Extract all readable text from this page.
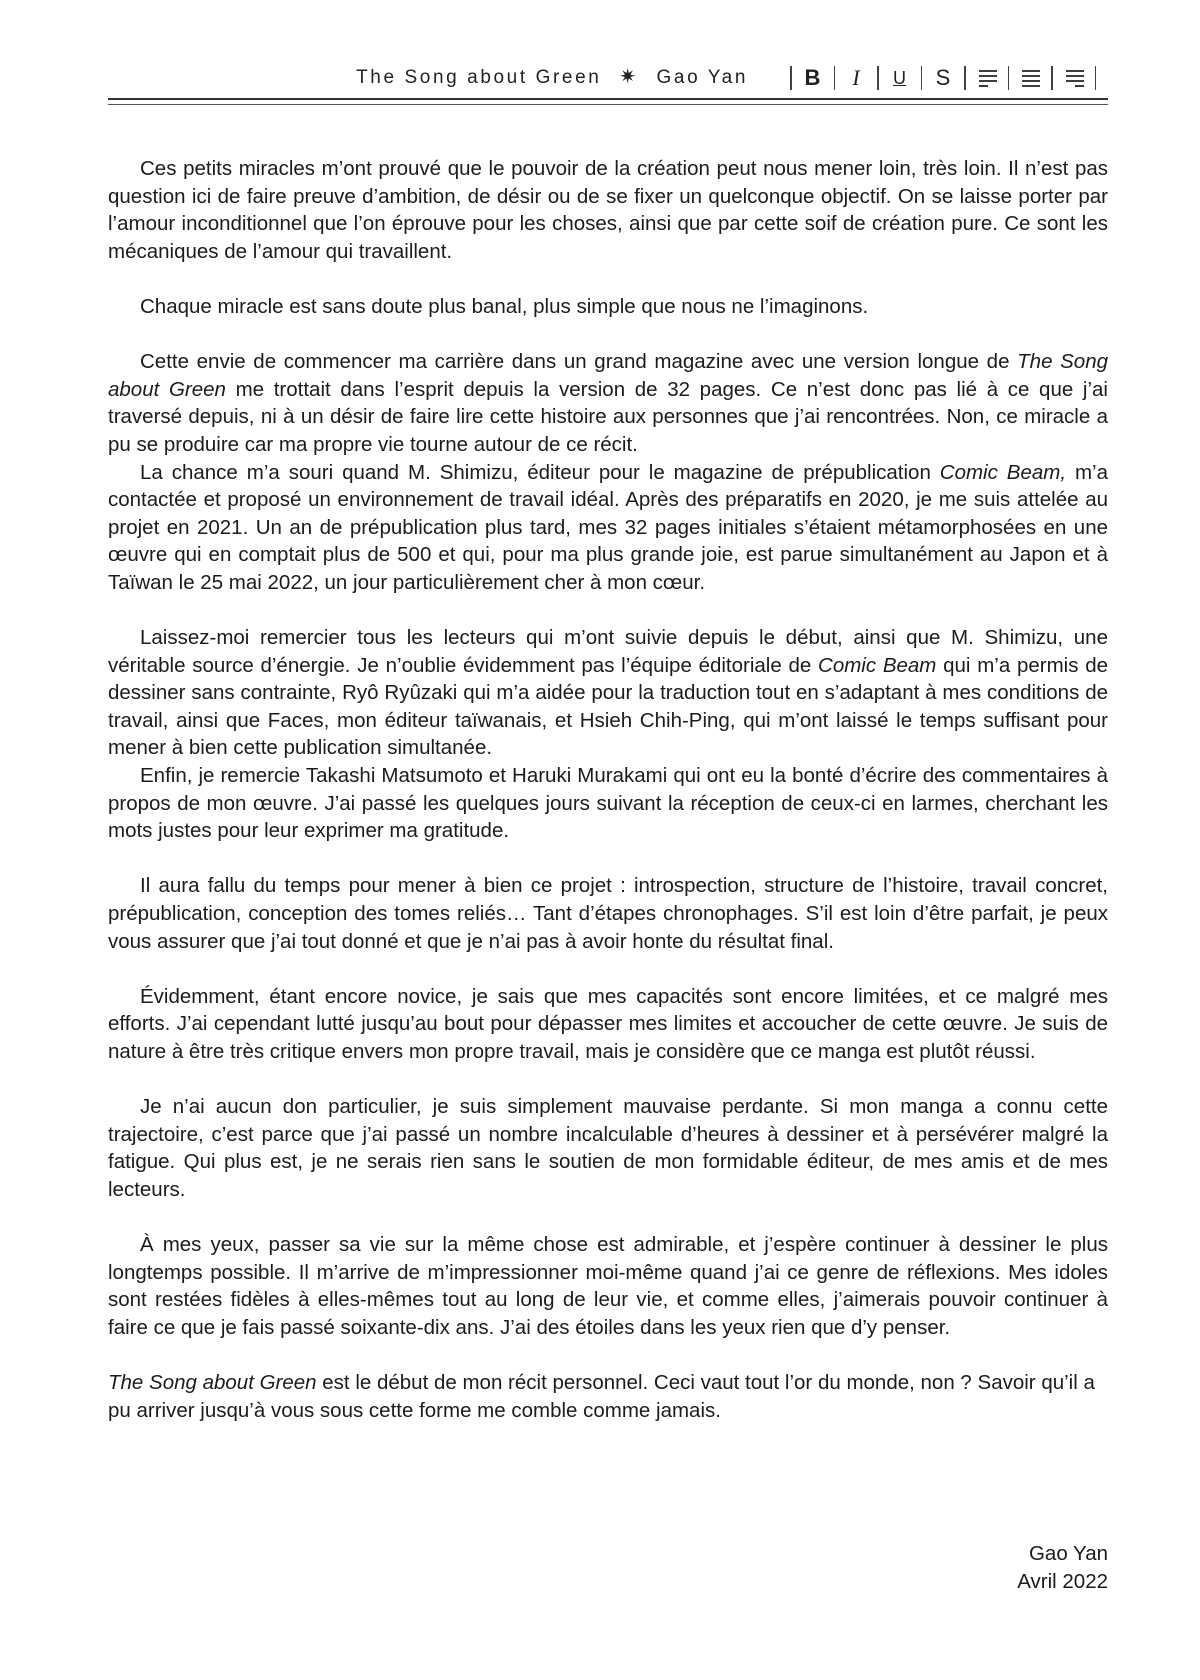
The Song about Green ✷ Gao Yan	B I U S

Ces petits miracles m’ont prouvé que le pouvoir de la création peut nous mener loin, très loin. Il n’est pas question ici de faire preuve d’ambition, de désir ou de se fixer un quelconque objectif. On se laisse porter par l’amour inconditionnel que l’on éprouve pour les choses, ainsi que par cette soif de création pure. Ce sont les mécaniques de l’amour qui travaillent.

Chaque miracle est sans doute plus banal, plus simple que nous ne l’imaginons.

Cette envie de commencer ma carrière dans un grand magazine avec une version longue de The Song about Green me trottait dans l’esprit depuis la version de 32 pages. Ce n’est donc pas lié à ce que j’ai traversé depuis, ni à un désir de faire lire cette histoire aux personnes que j’ai rencontrées. Non, ce miracle a pu se produire car ma propre vie tourne autour de ce récit.

La chance m’a souri quand M. Shimizu, éditeur pour le magazine de prépublication Comic Beam, m’a contactée et proposé un environnement de travail idéal. Après des préparatifs en 2020, je me suis attelée au projet en 2021. Un an de prépublication plus tard, mes 32 pages initiales s’étaient métamorphosées en une œuvre qui en comptait plus de 500 et qui, pour ma plus grande joie, est parue simultanément au Japon et à Taïwan le 25 mai 2022, un jour particulièrement cher à mon cœur.

Laissez-moi remercier tous les lecteurs qui m’ont suivie depuis le début, ainsi que M. Shimizu, une véritable source d’énergie. Je n’oublie évidemment pas l’équipe éditoriale de Comic Beam qui m’a permis de dessiner sans contrainte, Ryô Ryûzaki qui m’a aidée pour la traduction tout en s’adaptant à mes conditions de travail, ainsi que Faces, mon éditeur taïwanais, et Hsieh Chih-Ping, qui m’ont laissé le temps suffisant pour mener à bien cette publication simultanée.

Enfin, je remercie Takashi Matsumoto et Haruki Murakami qui ont eu la bonté d’écrire des commentaires à propos de mon œuvre. J’ai passé les quelques jours suivant la réception de ceux-ci en larmes, cherchant les mots justes pour leur exprimer ma gratitude.

Il aura fallu du temps pour mener à bien ce projet : introspection, structure de l’histoire, travail concret, prépublication, conception des tomes reliés… Tant d’étapes chronophages. S’il est loin d’être parfait, je peux vous assurer que j’ai tout donné et que je n’ai pas à avoir honte du résultat final.

Évidemment, étant encore novice, je sais que mes capacités sont encore limitées, et ce malgré mes efforts. J’ai cependant lutté jusqu’au bout pour dépasser mes limites et accoucher de cette œuvre. Je suis de nature à être très critique envers mon propre travail, mais je considère que ce manga est plutôt réussi.

Je n’ai aucun don particulier, je suis simplement mauvaise perdante. Si mon manga a connu cette trajectoire, c’est parce que j’ai passé un nombre incalculable d’heures à dessiner et à persévérer malgré la fatigue. Qui plus est, je ne serais rien sans le soutien de mon formidable éditeur, de mes amis et de mes lecteurs.

À mes yeux, passer sa vie sur la même chose est admirable, et j’espère continuer à dessiner le plus longtemps possible. Il m’arrive de m’impressionner moi-même quand j’ai ce genre de réflexions. Mes idoles sont restées fidèles à elles-mêmes tout au long de leur vie, et comme elles, j’aimerais pouvoir continuer à faire ce que je fais passé soixante-dix ans. J’ai des étoiles dans les yeux rien que d’y penser.

The Song about Green est le début de mon récit personnel. Ceci vaut tout l’or du monde, non ? Savoir qu’il a pu arriver jusqu’à vous sous cette forme me comble comme jamais.

Gao Yan
Avril 2022
